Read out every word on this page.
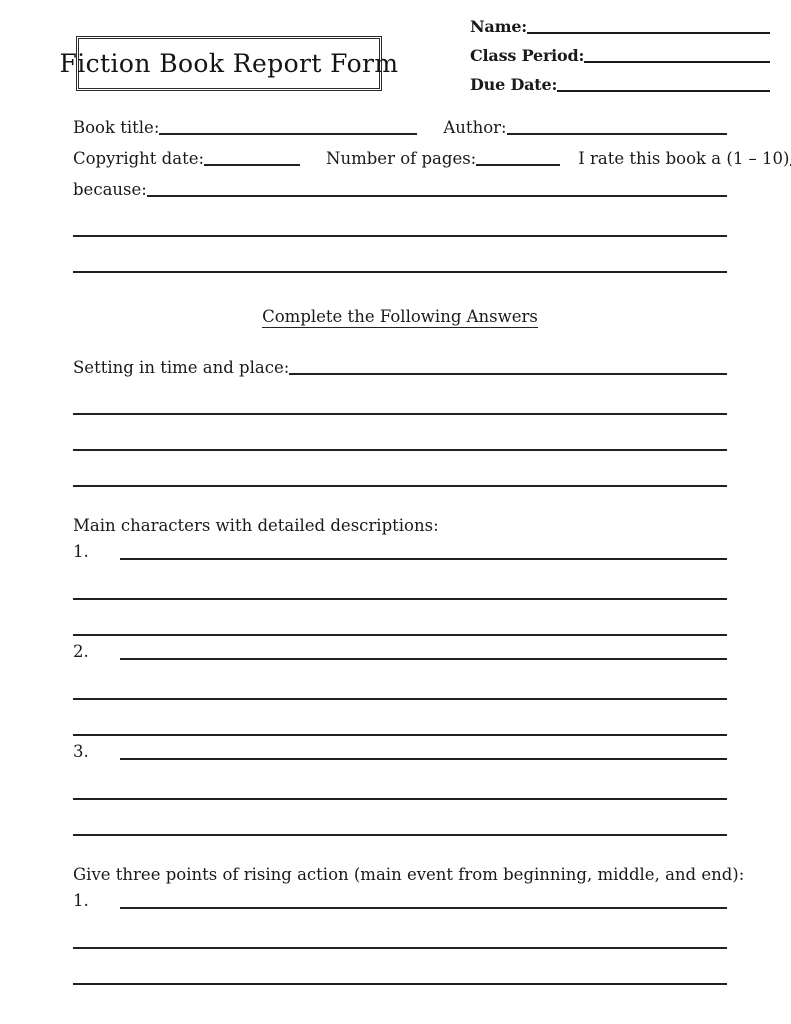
Name:
Class Period:
Due Date:
Fiction Book Report Form
Book title:	Author:
Copyright date:	Number of pages:	I rate this book a (1 – 10)
because:
Complete the Following Answers
Setting in time and place:
Main characters with detailed descriptions:
1.
2.
3.
Give three points of rising action (main event from beginning, middle, and end):
1.
